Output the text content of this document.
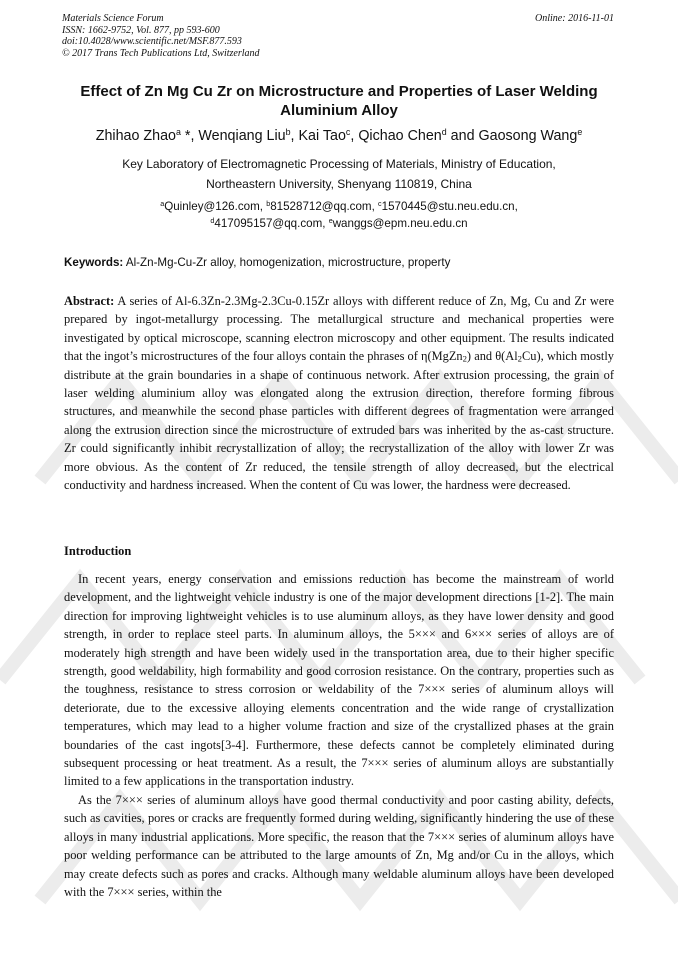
Materials Science Forum
ISSN: 1662-9752, Vol. 877, pp 593-600
doi:10.4028/www.scientific.net/MSF.877.593
© 2017 Trans Tech Publications Ltd, Switzerland
Online: 2016-11-01
Effect of Zn Mg Cu Zr on Microstructure and Properties of Laser Welding
Aluminium Alloy
Zhihao Zhao$^a$ *, Wenqiang Liu$^b$, Kai Tao$^c$, Qichao Chen$^d$ and Gaosong Wang$^e$
Key Laboratory of Electromagnetic Processing of Materials, Ministry of Education,
Northeastern University, Shenyang 110819, China
$^a$Quinley@126.com, $^b$81528712@qq.com, $^c$1570445@stu.neu.edu.cn,
$^d$417095157@qq.com, $^e$wanggs@epm.neu.edu.cn
Keywords: Al-Zn-Mg-Cu-Zr alloy, homogenization, microstructure, property
Abstract: A series of Al-6.3Zn-2.3Mg-2.3Cu-0.15Zr alloys with different reduce of Zn, Mg, Cu and Zr were prepared by ingot-metallurgy processing. The metallurgical structure and mechanical properties were investigated by optical microscope, scanning electron microscopy and other equipment. The results indicated that the ingot’s microstructures of the four alloys contain the phrases of η(MgZn$_2$) and $\theta(Al_2Cu)$, which mostly distribute at the grain boundaries in a shape of continuous network. After extrusion processing, the grain of laser welding aluminium alloy was elongated along the extrusion direction, therefore forming fibrous structures, and meanwhile the second phase particles with different degrees of fragmentation were arranged along the extrusion direction since the microstructure of extruded bars was inherited by the as-cast structure. Zr could significantly inhibit recrystallization of alloy; the recrystallization of the alloy with lower Zr was more obvious. As the content of Zr reduced, the tensile strength of alloy decreased, but the electrical conductivity and hardness increased. When the content of Cu was lower, the hardness were decreased.
Introduction

In recent years, energy conservation and emissions reduction has become the mainstream of world development, and the lightweight vehicle industry is one of the major development directions [1-2]. The main direction for improving lightweight vehicles is to use aluminum alloys, as they have lower density and good strength, in order to replace steel parts. In aluminum alloys, the 5××× and 6××× series of alloys are of moderately high strength and have been widely used in the transportation area, due to their higher specific strength, good weldability, high formability and good corrosion resistance. On the contrary, properties such as the toughness, resistance to stress corrosion or weldability of the 7××× series of aluminum alloys will deteriorate, due to the excessive alloying elements concentration and the wide range of crystallization temperatures, which may lead to a higher volume fraction and size of the crystallized phases at the grain boundaries of the cast ingots[3-4]. Furthermore, these defects cannot be completely eliminated during subsequent processing or heat treatment. As a result, the 7××× series of aluminum alloys are substantially limited to a few applications in the transportation industry.

As the 7××× series of aluminum alloys have good thermal conductivity and poor casting ability, defects, such as cavities, pores or cracks are frequently formed during welding, significantly hindering the use of these alloys in many industrial applications. More specific, the reason that the 7××× series of aluminum alloys have poor welding performance can be attributed to the large amounts of Zn, Mg and/or Cu in the alloys, which may create defects such as pores and cracks. Although many weldable aluminum alloys have been developed with the 7××× series, within the
